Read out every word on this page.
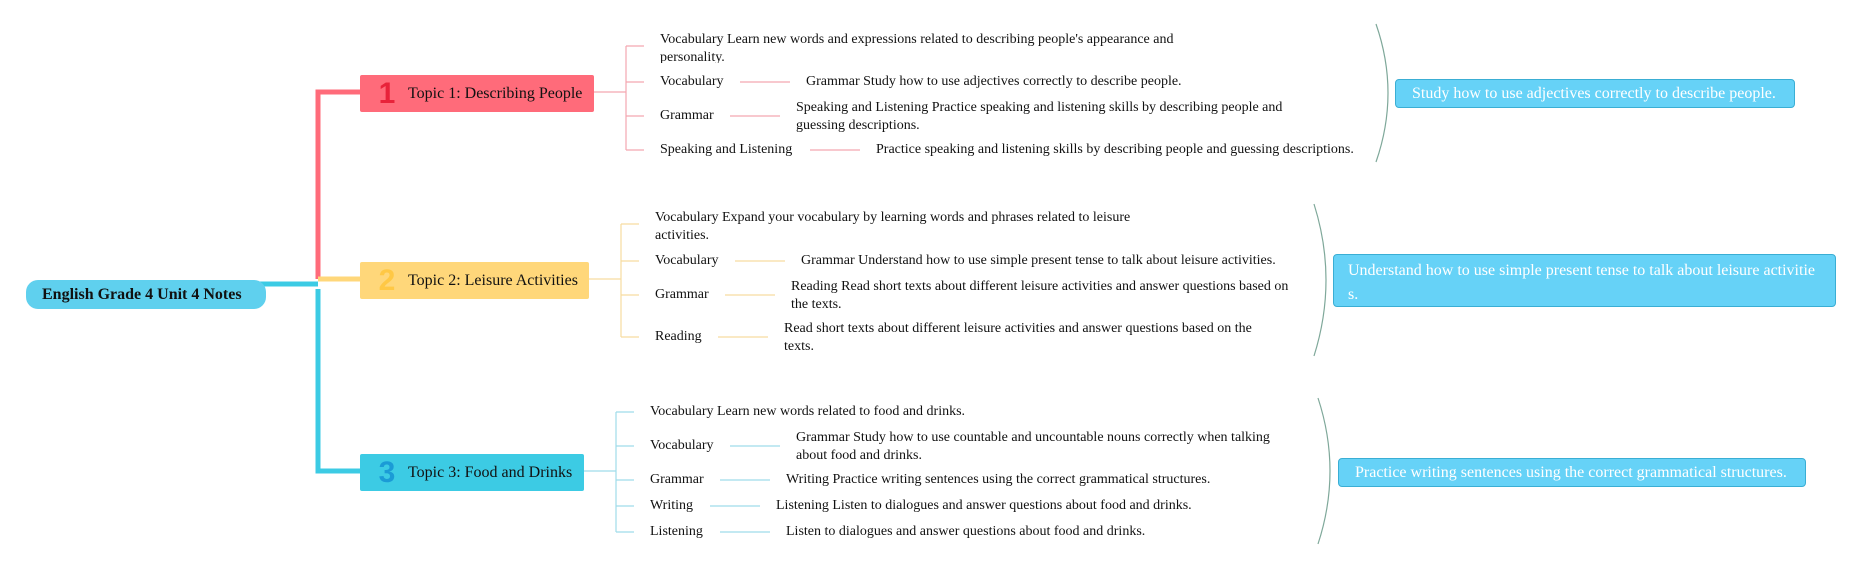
English Grade 4 Unit 4 Notes
1 Topic 1: Describing People
Vocabulary Learn new words and expressions related to describing people's appearance and personality.
Vocabulary	Grammar Study how to use adjectives correctly to describe people.
Grammar
Speaking and Listening Practice speaking and listening skills by describing people and guessing descriptions.
Speaking and Listening	Practice speaking and listening skills by describing people and guessing descriptions.
Study how to use adjectives correctly to describe people.
2 Topic 2: Leisure Activities
Vocabulary Expand your vocabulary by learning words and phrases related to leisure activities.
Vocabulary	Grammar Understand how to use simple present tense to talk about leisure activities.
Grammar
Reading Read short texts about different leisure activities and answer questions based on the texts.
Reading
Read short texts about different leisure activities and answer questions based on the texts.
Understand how to use simple present tense to talk about leisure activitie s.
3 Topic 3: Food and Drinks
Vocabulary Learn new words related to food and drinks.
Vocabulary
Grammar Study how to use countable and uncountable nouns correctly when talking about food and drinks.
Grammar	Writing Practice writing sentences using the correct grammatical structures.
Writing	Listening Listen to dialogues and answer questions about food and drinks.
Listening	Listen to dialogues and answer questions about food and drinks.
Practice writing sentences using the correct grammatical structures.
